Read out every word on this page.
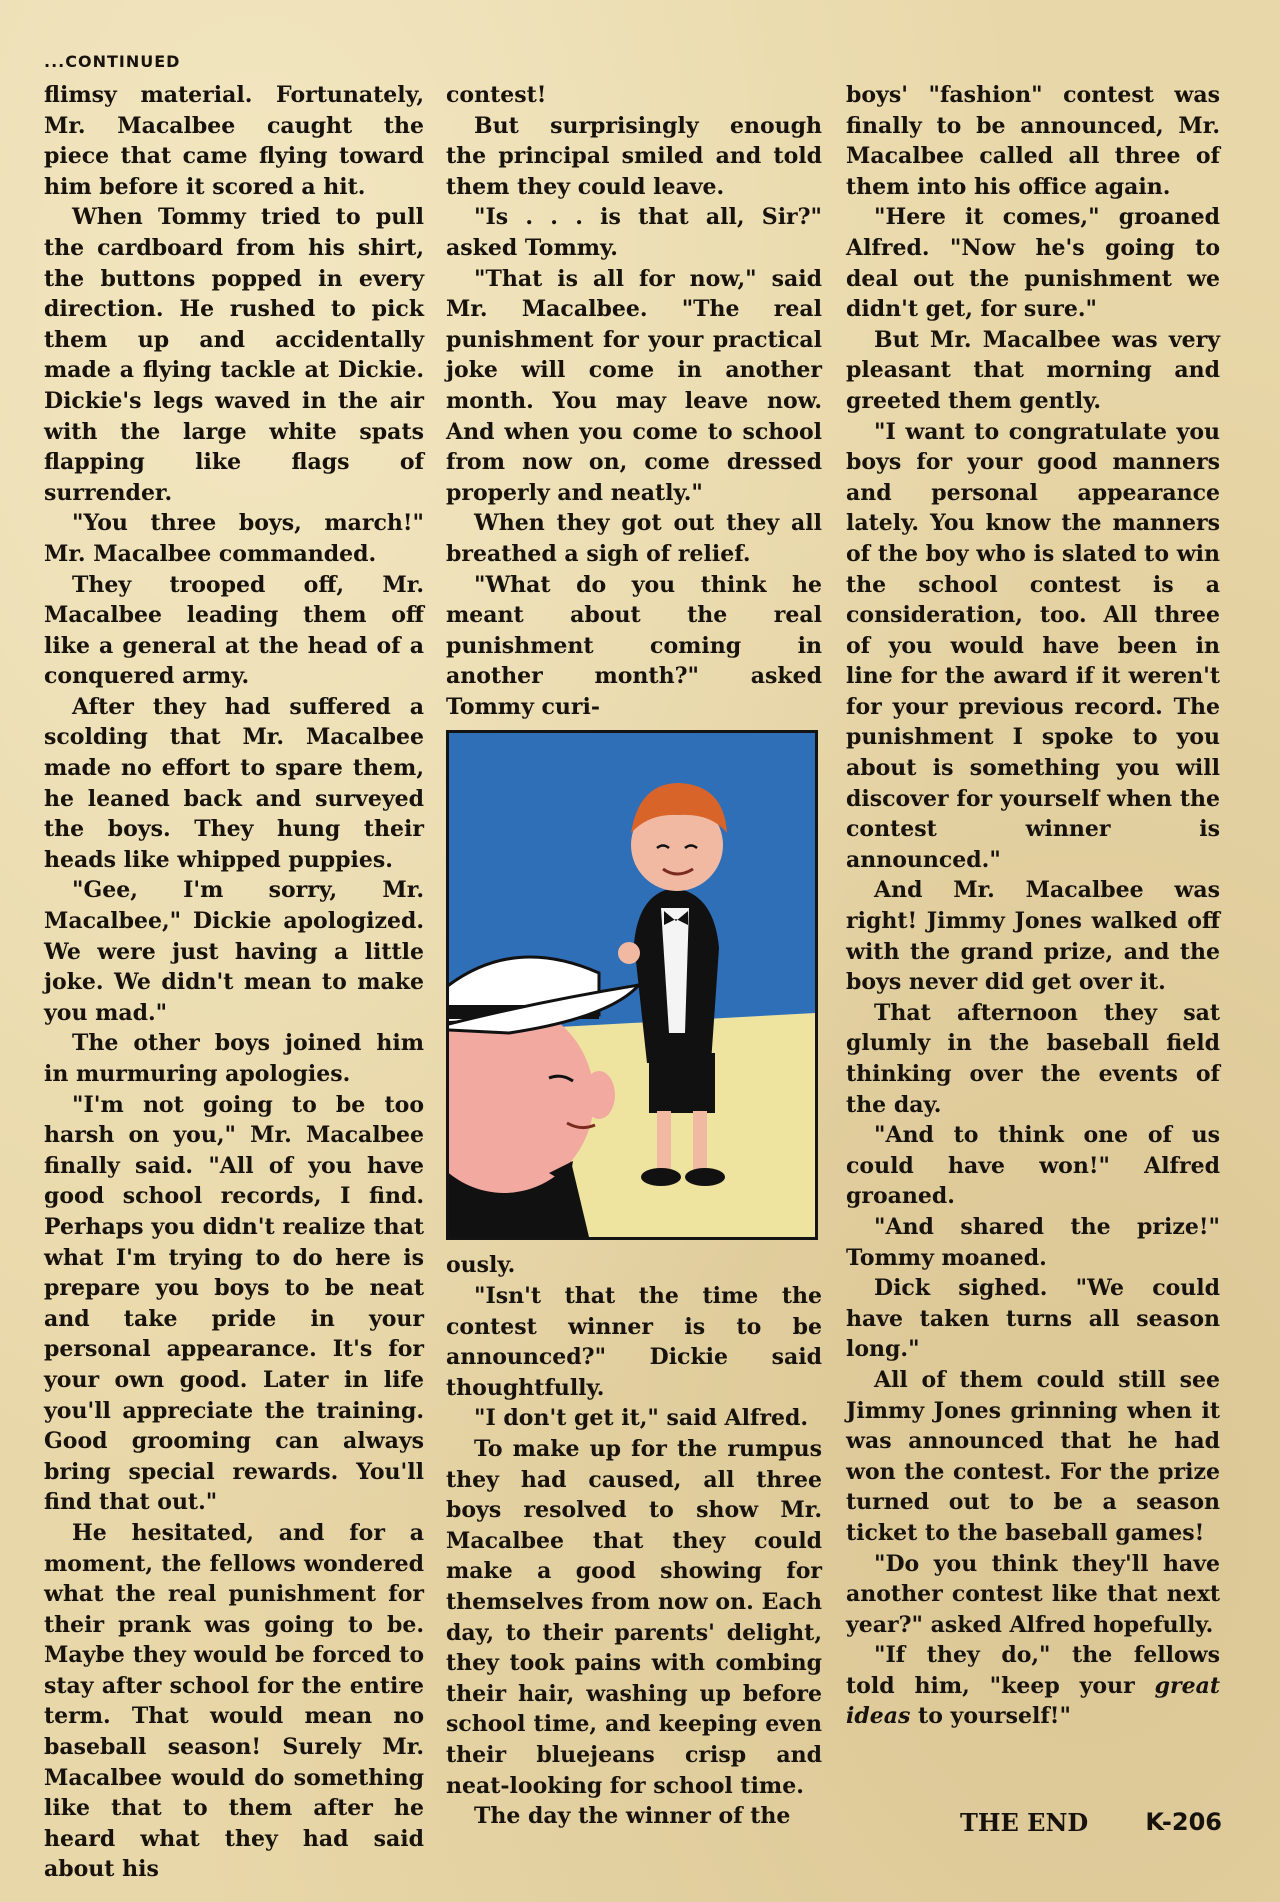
...CONTINUED

flimsy material. Fortunately, Mr. Macalbee caught the piece that came flying toward him before it scored a hit.

When Tommy tried to pull the cardboard from his shirt, the buttons popped in every direction. He rushed to pick them up and accidentally made a flying tackle at Dickie. Dickie's legs waved in the air with the large white spats flapping like flags of surrender.

"You three boys, march!" Mr. Macalbee commanded.

They trooped off, Mr. Macalbee leading them off like a general at the head of a conquered army.

After they had suffered a scolding that Mr. Macalbee made no effort to spare them, he leaned back and surveyed the boys. They hung their heads like whipped puppies.

"Gee, I'm sorry, Mr. Macalbee," Dickie apologized. We were just having a little joke. We didn't mean to make you mad."

The other boys joined him in murmuring apologies.

"I'm not going to be too harsh on you," Mr. Macalbee finally said. "All of you have good school records, I find. Perhaps you didn't realize that what I'm trying to do here is prepare you boys to be neat and take pride in your personal appearance. It's for your own good. Later in life you'll appreciate the training. Good grooming can always bring special rewards. You'll find that out."

He hesitated, and for a moment, the fellows wondered what the real punishment for their prank was going to be. Maybe they would be forced to stay after school for the entire term. That would mean no baseball season! Surely Mr. Macalbee would do something like that to them after he heard what they had said about his

contest!

But surprisingly enough the principal smiled and told them they could leave.

"Is . . . is that all, Sir?" asked Tommy.

"That is all for now," said Mr. Macalbee. "The real punishment for your practical joke will come in another month. You may leave now. And when you come to school from now on, come dressed properly and neatly."

When they got out they all breathed a sigh of relief.

"What do you think he meant about the real punishment coming in another month?" asked Tommy curi-

ously.

"Isn't that the time the contest winner is to be announced?" Dickie said thoughtfully.

"I don't get it," said Alfred.

To make up for the rumpus they had caused, all three boys resolved to show Mr. Macalbee that they could make a good showing for themselves from now on. Each day, to their parents' delight, they took pains with combing their hair, washing up before school time, and keeping even their bluejeans crisp and neat-looking for school time.

The day the winner of the

boys' "fashion" contest was finally to be announced, Mr. Macalbee called all three of them into his office again.

"Here it comes," groaned Alfred. "Now he's going to deal out the punishment we didn't get, for sure."

But Mr. Macalbee was very pleasant that morning and greeted them gently.

"I want to congratulate you boys for your good manners and personal appearance lately. You know the manners of the boy who is slated to win the school contest is a consideration, too. All three of you would have been in line for the award if it weren't for your previous record. The punishment I spoke to you about is something you will discover for yourself when the contest winner is announced."

And Mr. Macalbee was right! Jimmy Jones walked off with the grand prize, and the boys never did get over it.

That afternoon they sat glumly in the baseball field thinking over the events of the day.

"And to think one of us could have won!" Alfred groaned.

"And shared the prize!" Tommy moaned.

Dick sighed. "We could have taken turns all season long."

All of them could still see Jimmy Jones grinning when it was announced that he had won the contest. For the prize turned out to be a season ticket to the baseball games!

"Do you think they'll have another contest like that next year?" asked Alfred hopefully.

"If they do," the fellows told him, "keep your great ideas to yourself!"

THE END K-206
